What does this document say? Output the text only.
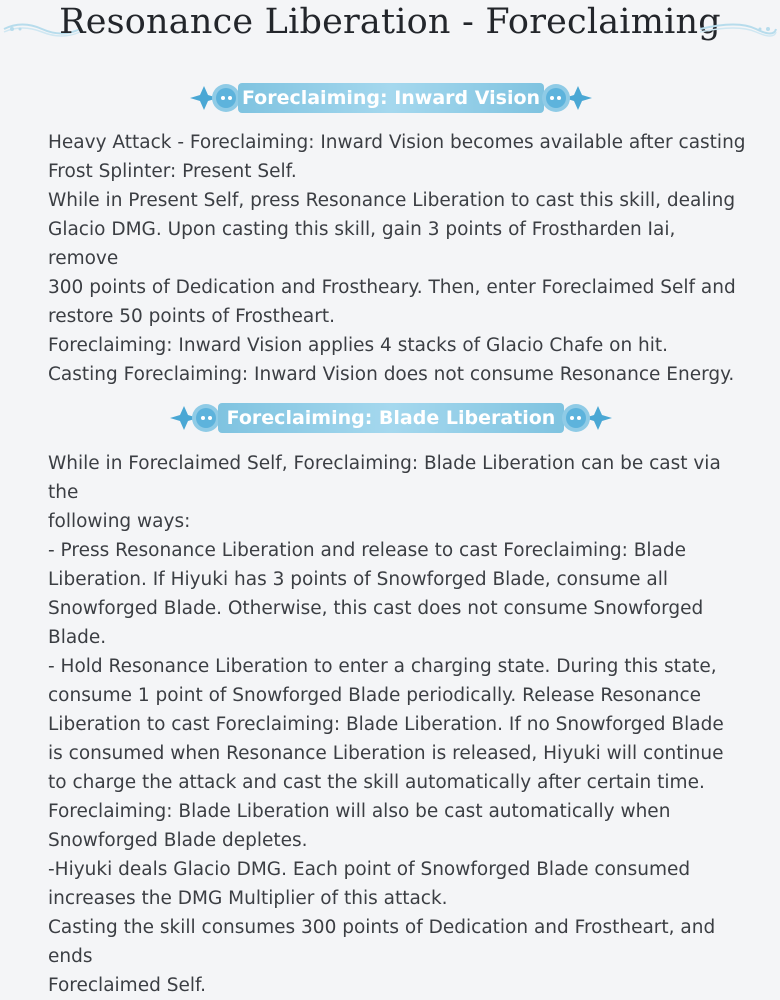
Resonance Liberation - Foreclaiming
Foreclaiming: Inward Vision

Heavy Attack - Foreclaiming: Inward Vision becomes available after casting

Frost Splinter: Present Self.

While in Present Self, press Resonance Liberation to cast this skill, dealing

Glacio DMG. Upon casting this skill, gain 3 points of Frostharden Iai, remove

300 points of Dedication and Frostheary. Then, enter Foreclaimed Self and

restore 50 points of Frostheart.

Foreclaiming: Inward Vision applies 4 stacks of Glacio Chafe on hit.

Casting Foreclaiming: Inward Vision does not consume Resonance Energy.

Foreclaiming: Blade Liberation

While in Foreclaimed Self, Foreclaiming: Blade Liberation can be cast via the

following ways:

- Press Resonance Liberation and release to cast Foreclaiming: Blade

Liberation. If Hiyuki has 3 points of Snowforged Blade, consume all

Snowforged Blade. Otherwise, this cast does not consume Snowforged

Blade.

- Hold Resonance Liberation to enter a charging state. During this state,

consume 1 point of Snowforged Blade periodically. Release Resonance

Liberation to cast Foreclaiming: Blade Liberation. If no Snowforged Blade

is consumed when Resonance Liberation is released, Hiyuki will continue

to charge the attack and cast the skill automatically after certain time.

Foreclaiming: Blade Liberation will also be cast automatically when

Snowforged Blade depletes.

-Hiyuki deals Glacio DMG. Each point of Snowforged Blade consumed

increases the DMG Multiplier of this attack.

Casting the skill consumes 300 points of Dedication and Frostheart, and ends

Foreclaimed Self.
